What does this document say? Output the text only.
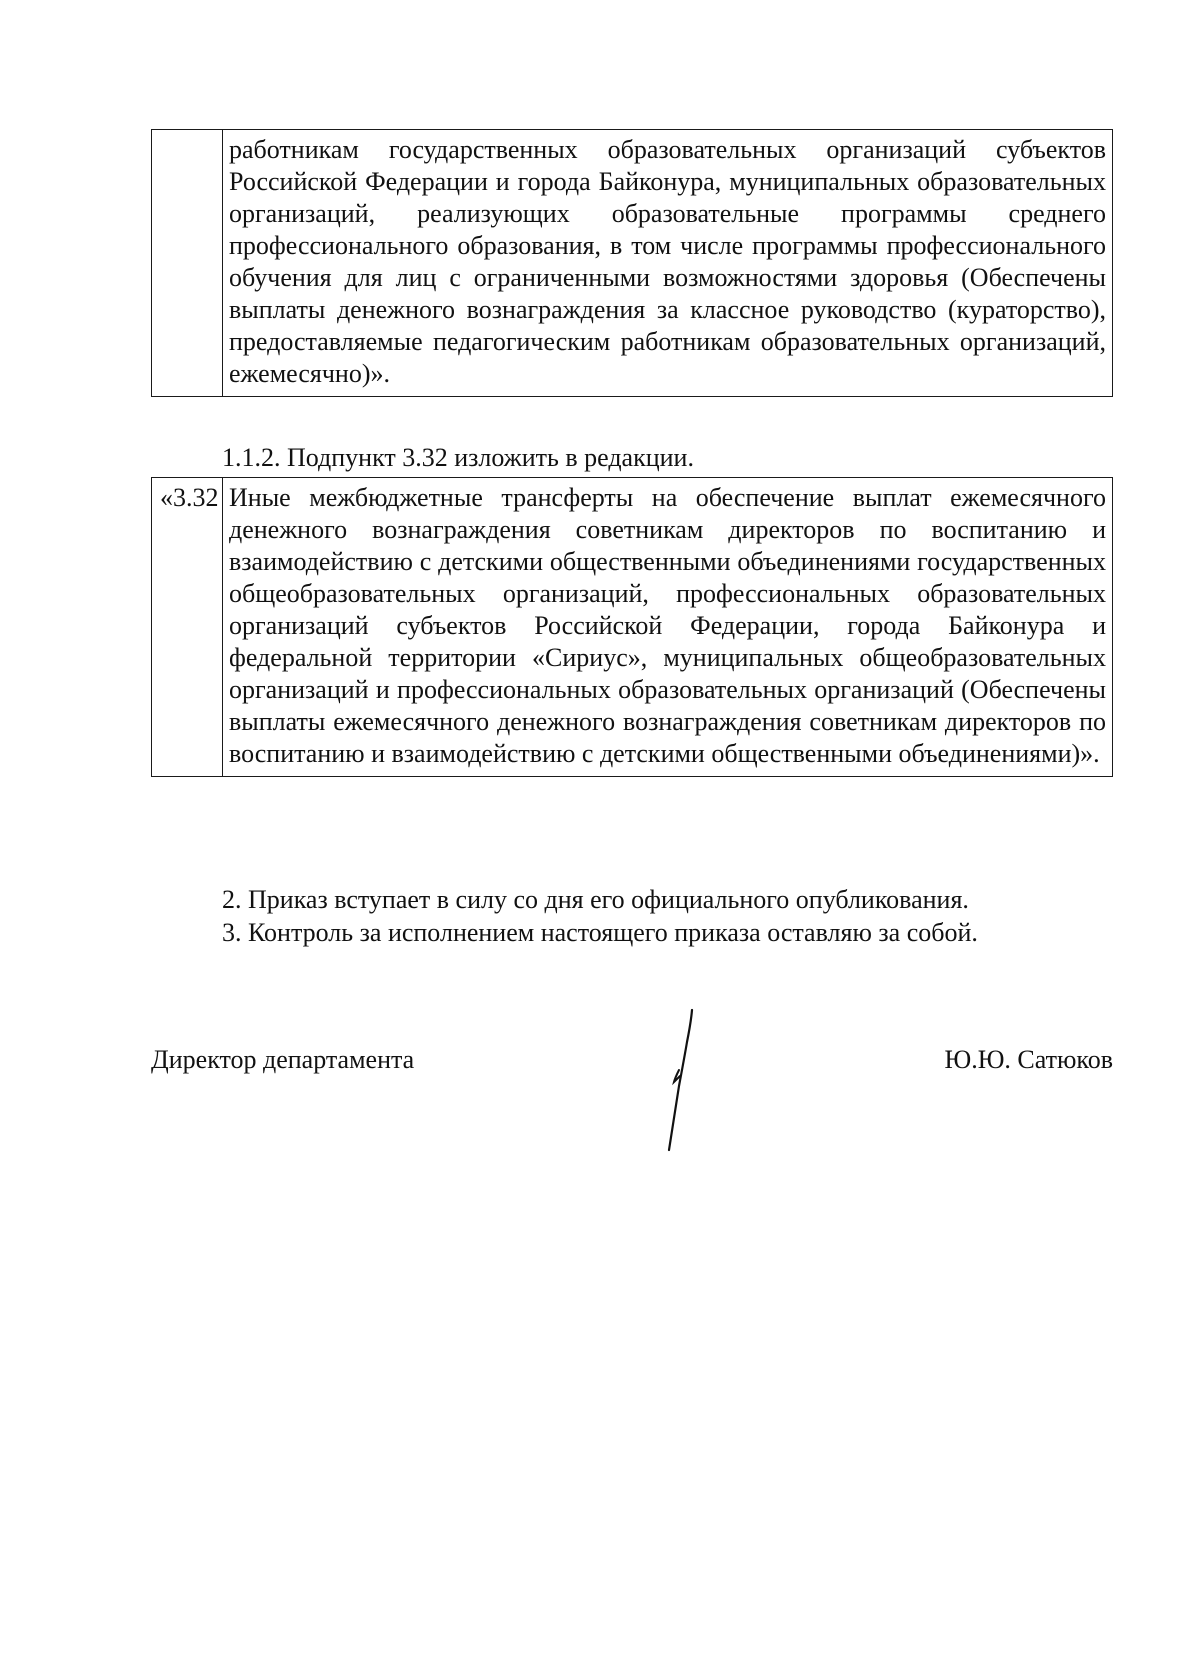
	работникам государственных образовательных организаций субъектов Российской Федерации и города Байконура, муниципальных образовательных организаций, реализующих образовательные программы среднего профессионального образования, в том числе программы профессионального обучения для лиц с ограниченными возможностями здоровья (Обеспечены выплаты денежного вознаграждения за классное руководство (кураторство), предоставляемые педагогическим работникам образовательных организаций, ежемесячно)».
1.1.2. Подпункт 3.32 изложить в редакции.
«3.32	Иные межбюджетные трансферты на обеспечение выплат ежемесячного денежного вознаграждения советникам директоров по воспитанию и взаимодействию с детскими общественными объединениями государственных общеобразовательных организаций, профессиональных образовательных организаций субъектов Российской Федерации, города Байконура и федеральной территории «Сириус», муниципальных общеобразовательных организаций и профессиональных образовательных организаций (Обеспечены выплаты ежемесячного денежного вознаграждения советникам директоров по воспитанию и взаимодействию с детскими общественными объединениями)».
2. Приказ вступает в силу со дня его официального опубликования.
3. Контроль за исполнением настоящего приказа оставляю за собой.
Директор департамента	Ю.Ю. Сатюков
